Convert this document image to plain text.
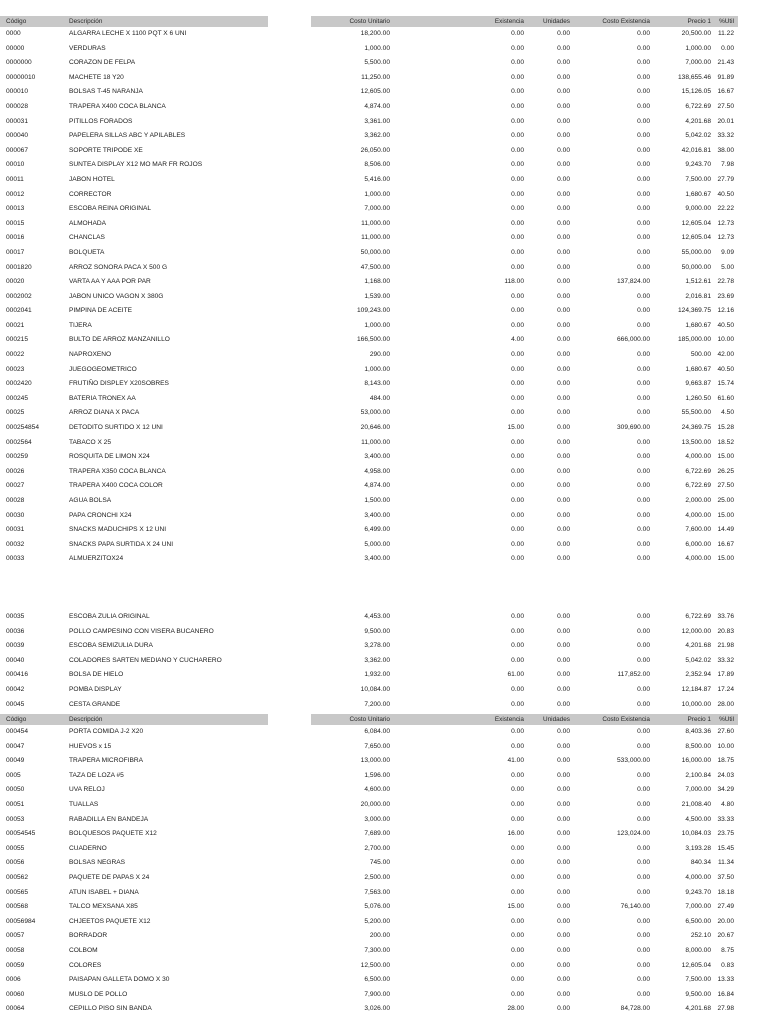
Código	Descripción	Costo Unitario	Existencia	Unidades	Costo Existencia	Precio 1	%Util
0000	ALGARRA LECHE X 1100 PQT X 6 UNI	18,200.00	0.00	0.00	0.00	20,500.00	11.22
00000	VERDURAS	1,000.00	0.00	0.00	0.00	1,000.00	0.00
0000000	CORAZON DE FELPA	5,500.00	0.00	0.00	0.00	7,000.00 21.43
00000010	MACHETE 18 Y20	11,250.00	0.00	0.00	0.00	138,655.46 91.89
000010	BOLSAS T-45 NARANJA	12,605.00	0.00	0.00	0.00	15,126.05 16.67
000028	TRAPERA X400 COCA BLANCA	4,874.00	0.00	0.00	0.00	6,722.69 27.50
000031	PITILLOS FORADOS	3,361.00	0.00	0.00	0.00	4,201.68 20.01
000040	PAPELERA SILLAS ABC Y APILABLES	3,362.00	0.00	0.00	0.00	5,042.02 33.32
000067	SOPORTE TRIPODE XE	26,050.00	0.00	0.00	0.00	42,016.81 38.00
00010	SUNTEA DISPLAY X12 MO MAR FR ROJOS	8,506.00	0.00	0.00	0.00	9,243.70	7.98
00011	JABON HOTEL	5,416.00	0.00	0.00	0.00	7,500.00 27.79
00012	CORRECTOR	1,000.00	0.00	0.00	0.00	1,680.67 40.50
00013	ESCOBA REINA ORIGINAL	7,000.00	0.00	0.00	0.00	9,000.00 22.22
00015	ALMOHADA	11,000.00	0.00	0.00	0.00	12,605.04 12.73
00016	CHANCLAS	11,000.00	0.00	0.00	0.00	12,605.04 12.73
00017	BOLQUETA	50,000.00	0.00	0.00	0.00	55,000.00	9.09
0001820	ARROZ SONORA PACA X 500 G	47,500.00	0.00	0.00	0.00	50,000.00	5.00
00020	VARTA AA Y AAA POR PAR	1,168.00	118.00	0.00	137,824.00	1,512.61 22.78
0002002	JABON UNICO VAGON X 380G	1,539.00	0.00	0.00	0.00	2,016.81 23.69
0002041	PIMPINA DE ACEITE	109,243.00	0.00	0.00	0.00	124,369.75 12.16
00021	TIJERA	1,000.00	0.00	0.00	0.00	1,680.67 40.50
000215	BULTO DE ARROZ MANZANILLO	166,500.00	4.00	0.00	666,000.00	185,000.00 10.00
00022	NAPROXENO	290.00	0.00	0.00	0.00	500.00 42.00
00023	JUEGOGEOMETRICO	1,000.00	0.00	0.00	0.00	1,680.67 40.50
0002420	FRUTIÑO DISPLEY X20SOBRES	8,143.00	0.00	0.00	0.00	9,663.87 15.74
000245	BATERIA TRONEX AA	484.00	0.00	0.00	0.00	1,260.50 61.60
00025	ARROZ DIANA X PACA	53,000.00	0.00	0.00	0.00	55,500.00	4.50
000254854	DETODITO SURTIDO X 12 UNI	20,646.00	15.00	0.00	309,690.00	24,369.75 15.28
0002564	TABACO X 25	11,000.00	0.00	0.00	0.00	13,500.00 18.52
000259	ROSQUITA DE LIMON X24	3,400.00	0.00	0.00	0.00	4,000.00 15.00
00026	TRAPERA X350 COCA BLANCA	4,958.00	0.00	0.00	0.00	6,722.69 26.25
00027	TRAPERA X400 COCA COLOR	4,874.00	0.00	0.00	0.00	6,722.69 27.50
00028	AGUA BOLSA	1,500.00	0.00	0.00	0.00	2,000.00 25.00
00030	PAPA CRONCHI X24	3,400.00	0.00	0.00	0.00	4,000.00 15.00
00031	SNACKS MADUCHIPS X 12 UNI	6,499.00	0.00	0.00	0.00	7,600.00 14.49
00032	SNACKS PAPA SURTIDA X 24 UNI	5,000.00	0.00	0.00	0.00	6,000.00 16.67
00033	ALMUERZITOX24	3,400.00	0.00	0.00	0.00	4,000.00 15.00
00035	ESCOBA ZULIA ORIGINAL	4,453.00	0.00	0.00	0.00	6,722.69 33.76
00036	POLLO CAMPESINO CON VISERA BUCANERO	9,500.00	0.00	0.00	0.00	12,000.00 20.83
00039	ESCOBA SEMIZULIA DURA	3,278.00	0.00	0.00	0.00	4,201.68 21.98
00040	COLADORES SARTEN MEDIANO Y CUCHARERO	3,362.00	0.00	0.00	0.00	5,042.02 33.32
000416	BOLSA DE HIELO	1,932.00	61.00	0.00	117,852.00	2,352.94 17.89
00042	POMBA DISPLAY	10,084.00	0.00	0.00	0.00	12,184.87 17.24
00045	CESTA GRANDE	7,200.00	0.00	0.00	0.00	10,000.00 28.00
Código	Descripción	Costo Unitario	Existencia	Unidades	Costo Existencia	Precio 1	%Util
000454	PORTA COMIDA J-2 X20	6,084.00	0.00	0.00	0.00	8,403.36 27.60
00047	HUEVOS x 15	7,650.00	0.00	0.00	0.00	8,500.00 10.00
00049	TRAPERA MICROFIBRA	13,000.00	41.00	0.00	533,000.00	16,000.00 18.75
0005	TAZA DE LOZA #5	1,596.00	0.00	0.00	0.00	2,100.84 24.03
00050	UVA RELOJ	4,600.00	0.00	0.00	0.00	7,000.00 34.29
00051	TUALLAS	20,000.00	0.00	0.00	0.00	21,008.40	4.80
00053	RABADILLA EN BANDEJA	3,000.00	0.00	0.00	0.00	4,500.00 33.33
00054545	BOLQUESOS PAQUETE X12	7,689.00	16.00	0.00	123,024.00	10,084.03 23.75
00055	CUADERNO	2,700.00	0.00	0.00	0.00	3,193.28 15.45
00056	BOLSAS NEGRAS	745.00	0.00	0.00	0.00	840.34	11.34
000562	PAQUETE DE PAPAS X 24	2,500.00	0.00	0.00	0.00	4,000.00 37.50
000565	ATUN ISABEL + DIANA	7,563.00	0.00	0.00	0.00	9,243.70 18.18
000568	TALCO MEXSANA X85	5,076.00	15.00	0.00	76,140.00	7,000.00 27.49
00056984	CHJEETOS PAQUETE X12	5,200.00	0.00	0.00	0.00	6,500.00 20.00
00057	BORRADOR	200.00	0.00	0.00	0.00	252.10 20.67
00058	COLBOM	7,300.00	0.00	0.00	0.00	8,000.00	8.75
00059	COLORES	12,500.00	0.00	0.00	0.00	12,605.04	0.83
0006	PAISAPAN GALLETA DOMO X 30	6,500.00	0.00	0.00	0.00	7,500.00 13.33
00060	MUSLO DE POLLO	7,900.00	0.00	0.00	0.00	9,500.00 16.84
00064	CEPILLO PISO SIN BANDA	3,026.00	28.00	0.00	84,728.00	4,201.68 27.98
